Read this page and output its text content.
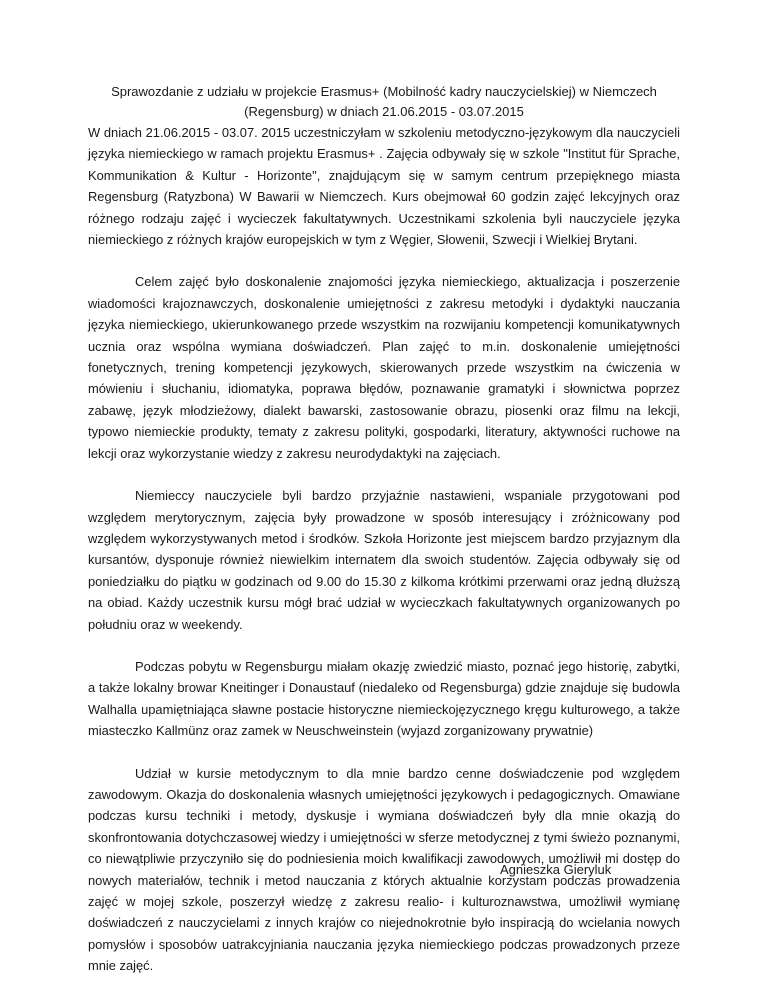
Sprawozdanie z udziału w projekcie Erasmus+ (Mobilność kadry nauczycielskiej) w Niemczech
(Regensburg) w dniach 21.06.2015 - 03.07.2015

W dniach 21.06.2015 - 03.07. 2015 uczestniczyłam w szkoleniu metodyczno-językowym dla nauczycieli języka niemieckiego w ramach projektu Erasmus+ . Zajęcia odbywały się w szkole "Institut für Sprache, Kommunikation & Kultur - Horizonte", znajdującym się w samym centrum przepięknego miasta Regensburg (Ratyzbona) W Bawarii w Niemczech. Kurs obejmował 60 godzin zajęć lekcyjnych oraz różnego rodzaju zajęć i wycieczek fakultatywnych. Uczestnikami szkolenia byli nauczyciele języka niemieckiego z różnych krajów europejskich w tym z Węgier, Słowenii, Szwecji i Wielkiej Brytani.

Celem zajęć było doskonalenie znajomości języka niemieckiego, aktualizacja i poszerzenie wiadomości krajoznawczych, doskonalenie umiejętności z zakresu metodyki i dydaktyki nauczania języka niemieckiego, ukierunkowanego przede wszystkim na rozwijaniu kompetencji komunikatywnych ucznia oraz wspólna wymiana doświadczeń. Plan zajęć to m.in. doskonalenie umiejętności fonetycznych, trening kompetencji językowych, skierowanych przede wszystkim na ćwiczenia w mówieniu i słuchaniu, idiomatyka, poprawa błędów, poznawanie gramatyki i słownictwa poprzez zabawę, język młodzieżowy, dialekt bawarski, zastosowanie obrazu, piosenki oraz filmu na lekcji, typowo niemieckie produkty, tematy z zakresu polityki, gospodarki, literatury, aktywności ruchowe na lekcji oraz wykorzystanie wiedzy z zakresu neurodydaktyki na zajęciach.

Niemieccy nauczyciele byli bardzo przyjaźnie nastawieni, wspaniale przygotowani pod względem merytorycznym, zajęcia były prowadzone w sposób interesujący i zróżnicowany pod względem wykorzystywanych metod i środków. Szkoła Horizonte jest miejscem bardzo przyjaznym dla kursantów, dysponuje również niewielkim internatem dla swoich studentów. Zajęcia odbywały się od poniedziałku do piątku w godzinach od 9.00 do 15.30 z kilkoma krótkimi przerwami oraz jedną dłuższą na obiad. Każdy uczestnik kursu mógł brać udział w wycieczkach fakultatywnych organizowanych po południu oraz w weekendy.

Podczas pobytu w Regensburgu miałam okazję zwiedzić miasto, poznać jego historię, zabytki, a także lokalny browar Kneitinger i Donaustauf (niedaleko od Regensburga) gdzie znajduje się budowla Walhalla upamiętniająca sławne postacie historyczne niemieckojęzycznego kręgu kulturowego, a także miasteczko Kallmünz oraz zamek w Neuschweinstein (wyjazd zorganizowany prywatnie)

Udział w kursie metodycznym to dla mnie bardzo cenne doświadczenie pod względem zawodowym. Okazja do doskonalenia własnych umiejętności językowych i pedagogicznych. Omawiane podczas kursu techniki i metody, dyskusje i wymiana doświadczeń były dla mnie okazją do skonfrontowania dotychczasowej wiedzy i umiejętności w sferze metodycznej z tymi świeżo poznanymi, co niewątpliwie przyczyniło się do podniesienia moich kwalifikacji zawodowych, umożliwił mi dostęp do nowych materiałów, technik i metod nauczania z których aktualnie korzystam podczas prowadzenia zajęć w mojej szkole, poszerzył wiedzę z zakresu realio- i kulturoznawstwa, umożliwił wymianę doświadczeń z nauczycielami z innych krajów co niejednokrotnie było inspiracją do wcielania nowych pomysłów i sposobów uatrakcyjniania nauczania języka niemieckiego podczas prowadzonych przeze mnie zajęć.

Agnieszka Gieryluk
